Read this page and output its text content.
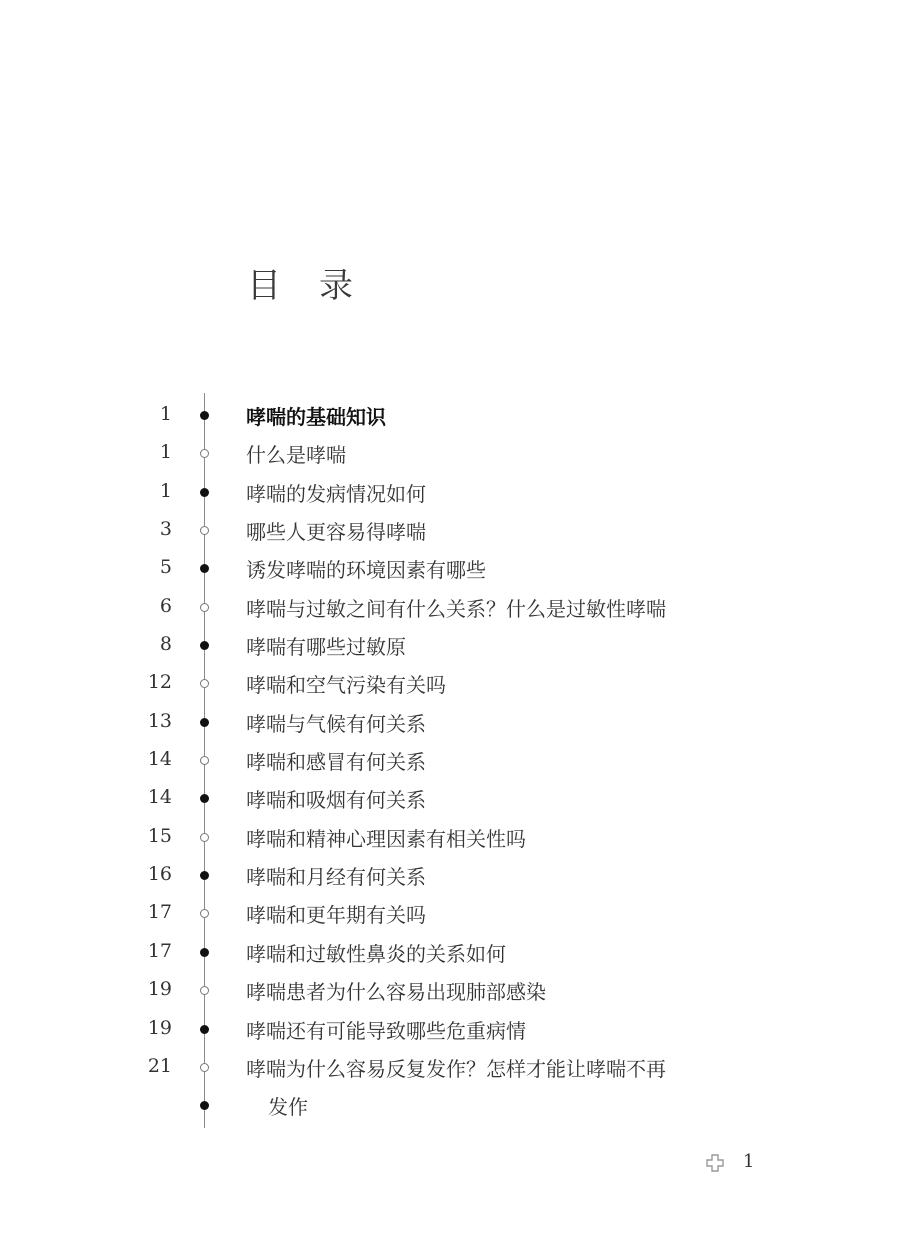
目录
1	哮喘的基础知识
1	什么是哮喘
1	哮喘的发病情况如何
3	哪些人更容易得哮喘
5	诱发哮喘的环境因素有哪些
6	哮喘与过敏之间有什么关系？什么是过敏性哮喘
8	哮喘有哪些过敏原
12	哮喘和空气污染有关吗
13	哮喘与气候有何关系
14	哮喘和感冒有何关系
14	哮喘和吸烟有何关系
15	哮喘和精神心理因素有相关性吗
16	哮喘和月经有何关系
17	哮喘和更年期有关吗
17	哮喘和过敏性鼻炎的关系如何
19	哮喘患者为什么容易出现肺部感染
19	哮喘还有可能导致哪些危重病情
21	哮喘为什么容易反复发作？怎样才能让哮喘不再
发作
1
